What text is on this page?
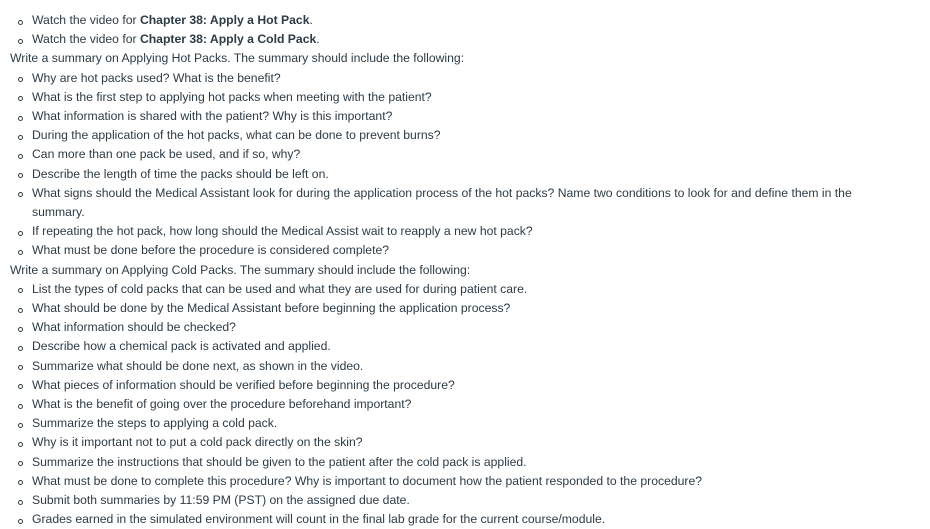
Watch the video for Chapter 38: Apply a Hot Pack.
Watch the video for Chapter 38: Apply a Cold Pack.

Write a summary on Applying Hot Packs. The summary should include the following:

Why are hot packs used? What is the benefit?
What is the first step to applying hot packs when meeting with the patient?
What information is shared with the patient? Why is this important?
During the application of the hot packs, what can be done to prevent burns?
Can more than one pack be used, and if so, why?
Describe the length of time the packs should be left on.
What signs should the Medical Assistant look for during the application process of the hot packs? Name two conditions to look for and define them in the summary.
If repeating the hot pack, how long should the Medical Assist wait to reapply a new hot pack?
What must be done before the procedure is considered complete?

Write a summary on Applying Cold Packs. The summary should include the following:

List the types of cold packs that can be used and what they are used for during patient care.
What should be done by the Medical Assistant before beginning the application process?
What information should be checked?
Describe how a chemical pack is activated and applied.
Summarize what should be done next, as shown in the video.
What pieces of information should be verified before beginning the procedure?
What is the benefit of going over the procedure beforehand important?
Summarize the steps to applying a cold pack.
Why is it important not to put a cold pack directly on the skin?
Summarize the instructions that should be given to the patient after the cold pack is applied.
What must be done to complete this procedure? Why is important to document how the patient responded to the procedure?
Submit both summaries by 11:59 PM (PST) on the assigned due date.
Grades earned in the simulated environment will count in the final lab grade for the current course/module.
